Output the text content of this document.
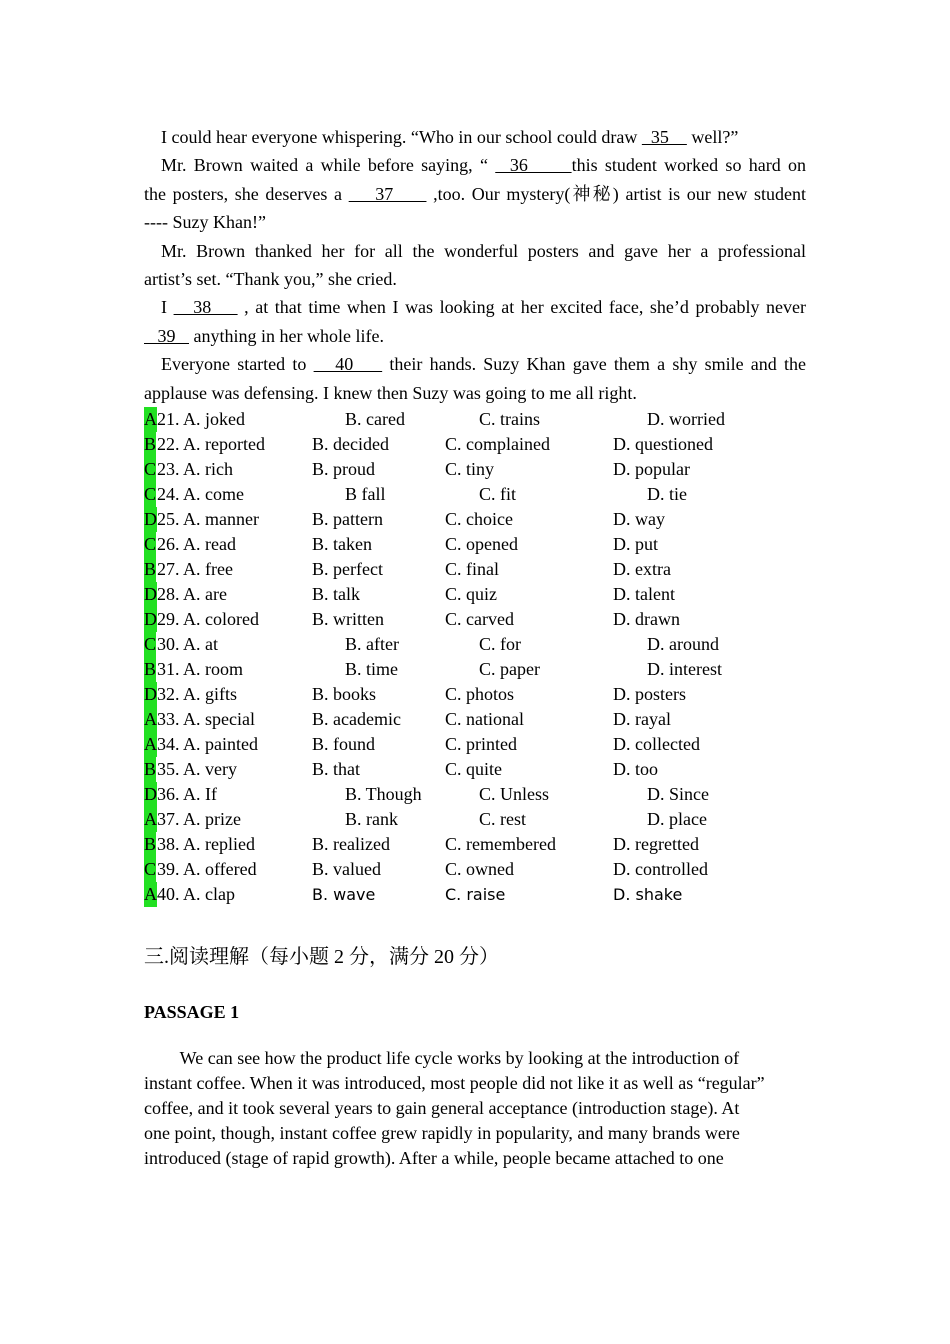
I could hear everyone whispering. “Who in our school could draw   35     well?”
Mr. Brown waited a while before saying, “   36      this student worked so hard on
the posters, she deserves a     37      ,too. Our mystery(神秘) artist is our new student
---- Suzy Khan!”
Mr. Brown thanked her for all the wonderful posters and gave her a professional
artist’s set. “Thank you,” she cried.
I    38     , at that time when I was looking at her excited face, she’d probably never
39    anything in her whole life.
Everyone started to    40     their hands. Suzy Khan gave them a shy smile and the
applause was defensing. I knew then Suzy was going to me all right.
A 21. A. joked	B. cared	C. trains	D. worried
B 22. A. reported	B. decided	C. complained	D. questioned
C 23. A. rich	B. proud	C. tiny	D. popular
C 24. A. come	B fall	C. fit	D. tie
D 25. A. manner	B. pattern	C. choice	D. way
C 26. A. read	B. taken	C. opened	D. put
B 27. A. free	B. perfect	C. final	D. extra
D 28. A. are	B. talk	C. quiz	D. talent
D 29. A. colored	B. written	C. carved	D. drawn
C 30. A. at	B. after	C. for	D. around
B 31. A. room	B. time	C. paper	D. interest
D 32. A. gifts	B. books	C. photos	D. posters
A 33. A. special	B. academic C. national	D. rayal
A 34. A. painted	B. found	C. printed	D. collected
B 35. A. very	B. that	C. quite	D. too
D 36. A. If	B. Though	C. Unless	D. Since
A 37. A. prize	B. rank	C. rest	D. place
B 38. A. replied	B. realized	C. remembered	D. regretted
C 39. A. offered	B. valued	C. owned	D. controlled
A 40. A. clap	B. wave	C. raise	D. shake
三.阅读理解（每小题 2 分，满分 20 分）
PASSAGE 1
We can see how the product life cycle works by looking at the introduction of
instant coffee. When it was introduced, most people did not like it as well as “regular”
coffee, and it took several years to gain general acceptance (introduction stage). At
one point, though, instant coffee grew rapidly in popularity, and many brands were
introduced (stage of rapid growth). After a while, people became attached to one
